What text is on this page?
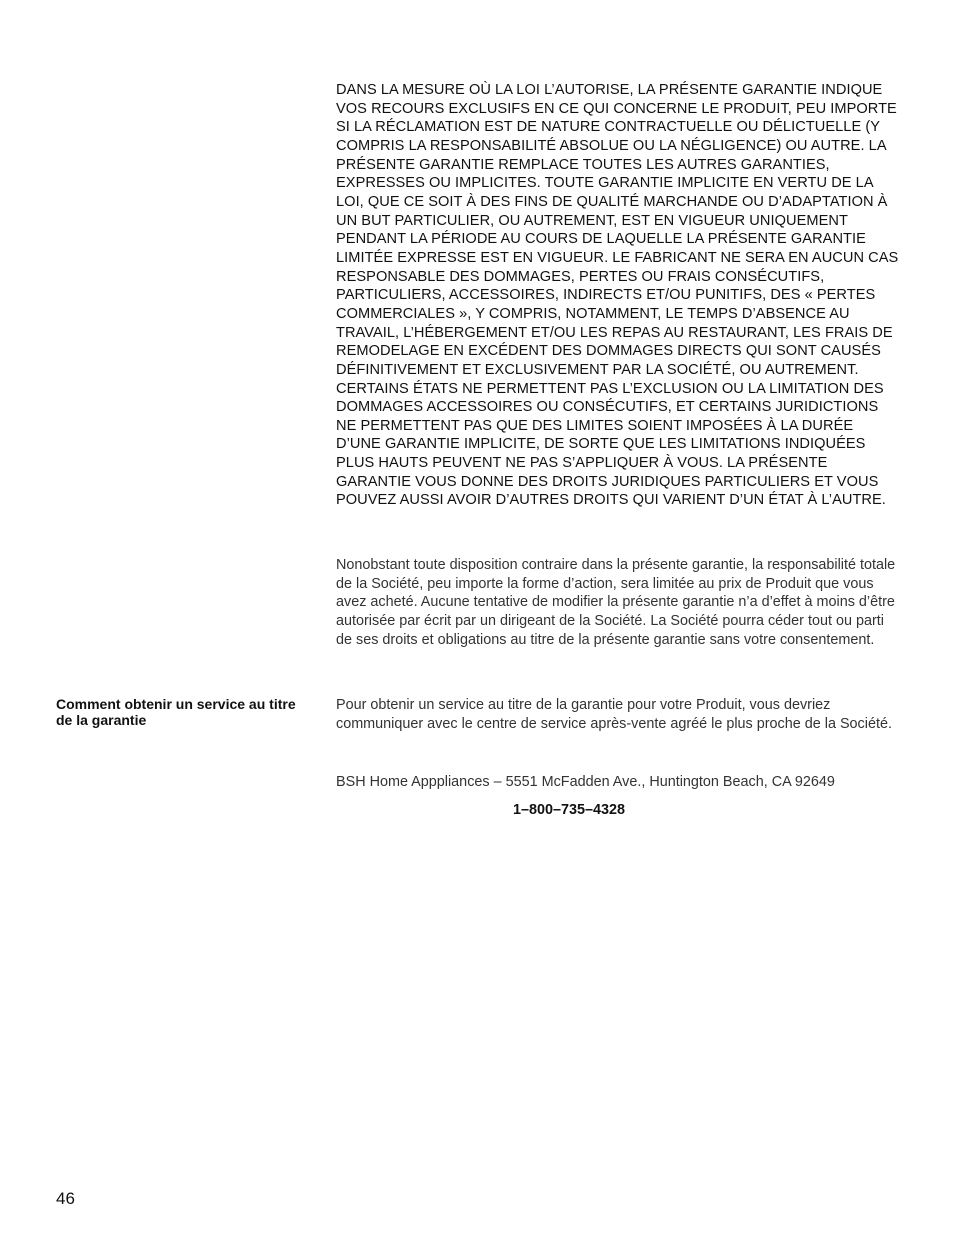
DANS LA MESURE OÙ LA LOI L’AUTORISE, LA PRÉSENTE GARANTIE INDIQUE VOS RECOURS EXCLUSIFS EN CE QUI CONCERNE LE PRODUIT, PEU IMPORTE SI LA RÉCLAMATION EST DE NATURE CONTRACTUELLE OU DÉLICTUELLE (Y COMPRIS LA RESPONSABILITÉ ABSOLUE OU LA NÉGLIGENCE) OU AUTRE. LA PRÉSENTE GARANTIE REMPLACE TOUTES LES AUTRES GARANTIES, EXPRESSES OU IMPLICITES. TOUTE GARANTIE IMPLICITE EN VERTU DE LA LOI, QUE CE SOIT À DES FINS DE QUALITÉ MARCHANDE OU D’ADAPTATION À UN BUT PARTICULIER, OU AUTREMENT, EST EN VIGUEUR UNIQUEMENT PENDANT LA PÉRIODE AU COURS DE LAQUELLE LA PRÉSENTE GARANTIE LIMITÉE EXPRESSE EST EN VIGUEUR. LE FABRICANT NE SERA EN AUCUN CAS RESPONSABLE DES DOMMAGES, PERTES OU FRAIS CONSÉCUTIFS, PARTICULIERS, ACCESSOIRES, INDIRECTS ET/OU PUNITIFS, DES « PERTES COMMERCIALES », Y COMPRIS, NOTAMMENT, LE TEMPS D’ABSENCE AU TRAVAIL, L’HÉBERGEMENT ET/OU LES REPAS AU RESTAURANT, LES FRAIS DE REMODELAGE EN EXCÉDENT DES DOMMAGES DIRECTS QUI SONT CAUSÉS DÉFINITIVEMENT ET EXCLUSIVEMENT PAR LA SOCIÉTÉ, OU AUTREMENT. CERTAINS ÉTATS NE PERMETTENT PAS L’EXCLUSION OU LA LIMITATION DES DOMMAGES ACCESSOIRES OU CONSÉCUTIFS, ET CERTAINS JURIDICTIONS NE PERMETTENT PAS QUE DES LIMITES SOIENT IMPOSÉES À LA DURÉE D’UNE GARANTIE IMPLICITE, DE SORTE QUE LES LIMITATIONS INDIQUÉES PLUS HAUTS PEUVENT NE PAS S’APPLIQUER À VOUS. LA PRÉSENTE GARANTIE VOUS DONNE DES DROITS JURIDIQUES PARTICULIERS ET VOUS POUVEZ AUSSI AVOIR D’AUTRES DROITS QUI VARIENT D’UN ÉTAT À L’AUTRE.

Nonobstant toute disposition contraire dans la présente garantie, la responsabilité totale de la Société, peu importe la forme d’action, sera limitée au prix de Produit que vous avez acheté. Aucune tentative de modifier la présente garantie n’a d’effet à moins d’être autorisée par écrit par un dirigeant de la Société. La Société pourra céder tout ou parti de ses droits et obligations au titre de la présente garantie sans votre consentement.

Comment obtenir un service au titre de la garantie

Pour obtenir un service au titre de la garantie pour votre Produit, vous devriez communiquer avec le centre de service après-vente agréé le plus proche de la Société.

BSH Home Apppliances – 5551 McFadden Ave., Huntington Beach, CA 92649

1–800–735–4328

46
